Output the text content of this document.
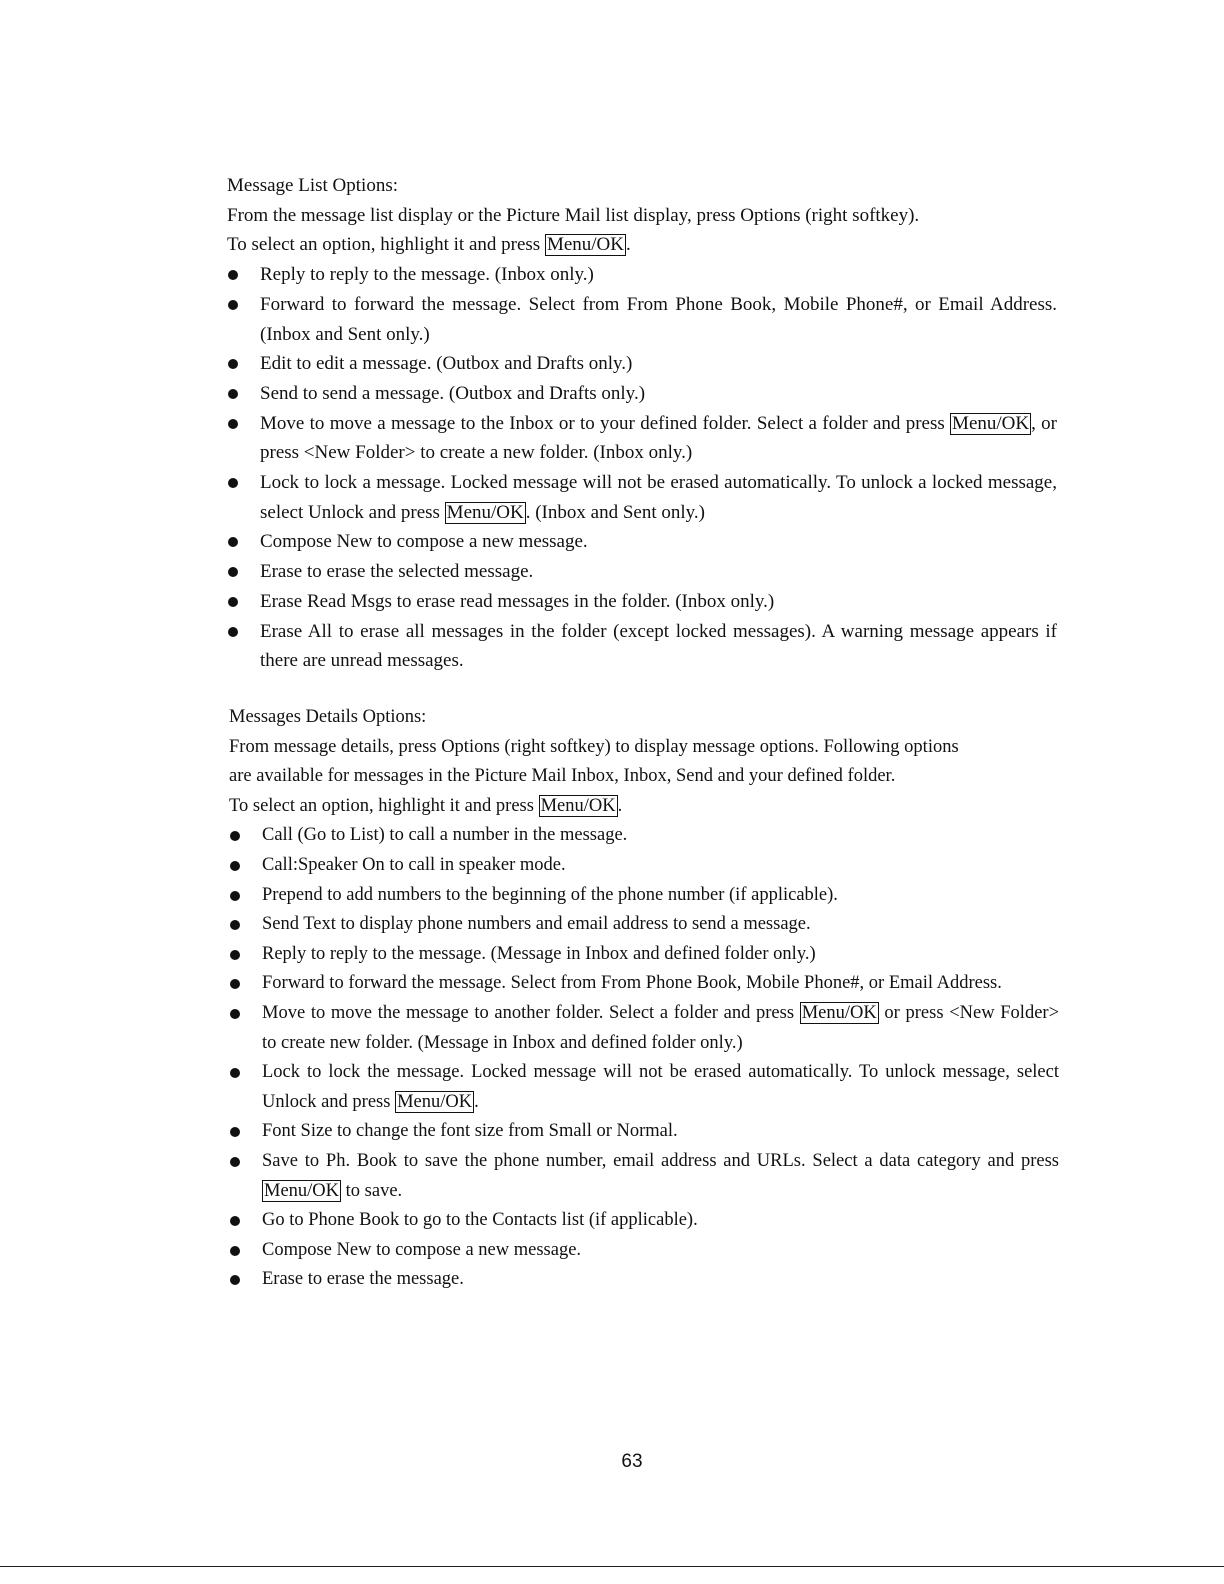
Message List Options:
From the message list display or the Picture Mail list display, press Options (right softkey).
To select an option, highlight it and press Menu/OK .
Reply to reply to the message. (Inbox only.)
Forward to forward the message. Select from From Phone Book, Mobile Phone#, or Email Address. (Inbox and Sent only.)
Edit to edit a message. (Outbox and Drafts only.)
Send to send a message. (Outbox and Drafts only.)
Move to move a message to the Inbox or to your defined folder. Select a folder and press Menu/OK , or press <New Folder> to create a new folder. (Inbox only.)
Lock to lock a message. Locked message will not be erased automatically. To unlock a locked message, select Unlock and press Menu/OK . (Inbox and Sent only.)
Compose New to compose a new message.
Erase to erase the selected message.
Erase Read Msgs to erase read messages in the folder. (Inbox only.)
Erase All to erase all messages in the folder (except locked messages). A warning message appears if there are unread messages.
Messages Details Options:
From message details, press Options (right softkey) to display message options. Following options
are available for messages in the Picture Mail Inbox, Inbox, Send and your defined folder.
To select an option, highlight it and press Menu/OK .
Call (Go to List) to call a number in the message.
Call:Speaker On to call in speaker mode.
Prepend to add numbers to the beginning of the phone number (if applicable).
Send Text to display phone numbers and email address to send a message.
Reply to reply to the message. (Message in Inbox and defined folder only.)
Forward to forward the message. Select from From Phone Book, Mobile Phone#, or Email Address.
Move to move the message to another folder. Select a folder and press Menu/OK or press <New Folder> to create new folder. (Message in Inbox and defined folder only.)
Lock to lock the message. Locked message will not be erased automatically. To unlock message, select Unlock and press Menu/OK .
Font Size to change the font size from Small or Normal.
Save to Ph. Book to save the phone number, email address and URLs. Select a data category and press Menu/OK to save.
Go to Phone Book to go to the Contacts list (if applicable).
Compose New to compose a new message.
Erase to erase the message.
63
